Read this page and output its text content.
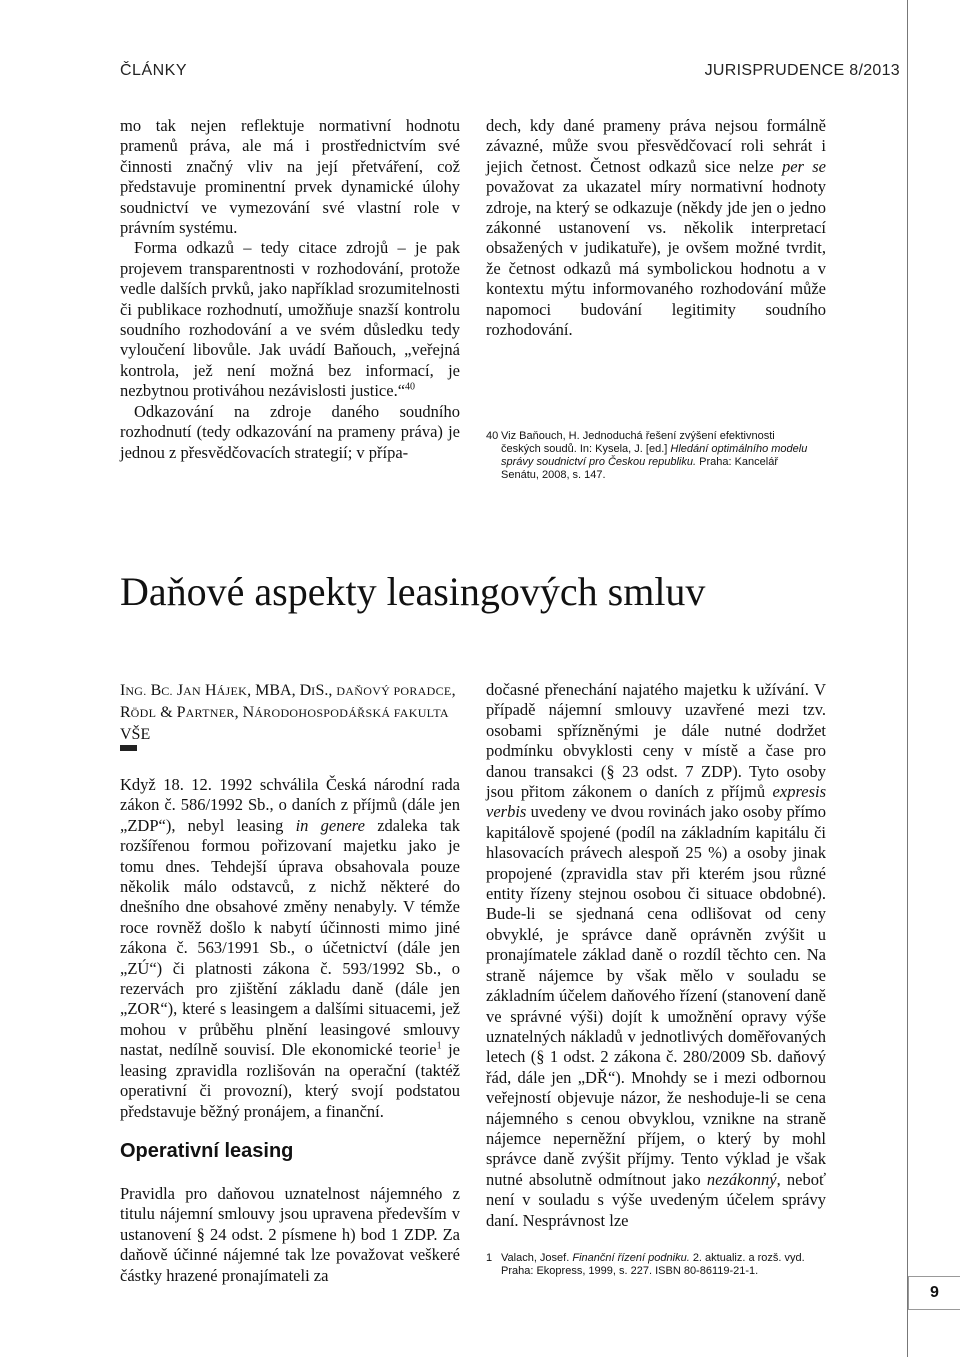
ČLÁNKY	JURISPRUDENCE 8/2013

mo tak nejen reflektuje normativní hodnotu pramenů práva, ale má i prostřednictvím své činnosti značný vliv na její přetváření, což představuje prominentní prvek dynamické úlohy soudnictví ve vymezování své vlastní role v právním systému.

Forma odkazů – tedy citace zdrojů – je pak projevem transparentnosti v rozhodování, protože vedle dalších prvků, jako například srozumitelnosti či publikace rozhodnutí, umožňuje snazší kontrolu soudního rozhodování a ve svém důsledku tedy vyloučení libovůle. Jak uvádí Baňouch, „veřejná kontrola, jež není možná bez informací, je nezbytnou protiváhou nezávislosti justice.“$^{40}$

Odkazování na zdroje daného soudního rozhodnutí (tedy odkazování na prameny práva) je jednou z přesvědčovacích strategií; v přípa-

dech, kdy dané prameny práva nejsou formálně závazné, může svou přesvědčovací roli sehrát i jejich četnost. Četnost odkazů sice nelze per se považovat za ukazatel míry normativní hodnoty zdroje, na který se odkazuje (někdy jde jen o jedno zákonné ustanovení vs. několik interpretací obsažených v judikatuře), je ovšem možné tvrdit, že četnost odkazů má symbolickou hodnotu a v kontextu mýtu informovaného rozhodování může napomoci budování legitimity soudního rozhodování.

40 Viz Baňouch, H. Jednoduchá řešení zvýšení efektivnosti českých soudů. In: Kysela, J. [ed.] Hledání optimálního modelu správy soudnictví pro Českou republiku. Praha: Kancelář Senátu, 2008, s. 147.
Daňové aspekty leasingových smluv
ING. BC. JAN HÁJEK, MBA, DIS., DAŇOVÝ PORADCE, RÖDL & PARTNER, NÁRODOHOSPODÁŘSKÁ FAKULTA VŠE

Když 18. 12. 1992 schválila Česká národní rada zákon č. 586/1992 Sb., o daních z příjmů (dále jen „ZDP“), nebyl leasing in genere zdaleka tak rozšířenou formou pořizovaní majetku jako je tomu dnes. Tehdejší úprava obsahovala pouze několik málo odstavců, z nichž některé do dnešního dne obsahové změny nenabyly. V témže roce rovněž došlo k nabytí účinnosti mimo jiné zákona č. 563/1991 Sb., o účetnictví (dále jen „ZÚ“) či platnosti zákona č. 593/1992 Sb., o rezervách pro zjištění základu daně (dále jen „ZOR“), které s leasingem a dalšími situacemi, jež mohou v průběhu plnění leasingové smlouvy nastat, nedílně souvisí. Dle ekonomické teorie$^1$ je leasing zpravidla rozlišován na operační (taktéž operativní či provozní), který svojí podstatou představuje běžný pronájem, a finanční.

Operativní leasing

Pravidla pro daňovou uznatelnost nájemného z titulu nájemní smlouvy jsou upravena především v ustanovení § 24 odst. 2 písmene h) bod 1 ZDP. Za daňově účinné nájemné tak lze považovat veškeré částky hrazené pronajímateli za

dočasné přenechání najatého majetku k užívání. V případě nájemní smlouvy uzavřené mezi tzv. osobami spřízněnými je dále nutné dodržet podmínku obvyklosti ceny v místě a čase pro danou transakci (§ 23 odst. 7 ZDP). Tyto osoby jsou přitom zákonem o daních z příjmů expresis verbis uvedeny ve dvou rovinách jako osoby přímo kapitálově spojené (podíl na základním kapitálu či hlasovacích právech alespoň 25 %) a osoby jinak propojené (zpravidla stav při kterém jsou různé entity řízeny stejnou osobou či situace obdobné). Bude-li se sjednaná cena odlišovat od ceny obvyklé, je správce daně oprávněn zvýšit u pronajímatele základ daně o rozdíl těchto cen. Na straně nájemce by však mělo v souladu se základním účelem daňového řízení (stanovení daně ve správné výši) dojít k umožnění opravy výše uznatelných nákladů v jednotlivých doměřovaných letech (§ 1 odst. 2 zákona č. 280/2009 Sb. daňový řád, dále jen „DŘ“). Mnohdy se i mezi odbornou veřejností objevuje názor, že neshoduje-li se cena nájemného s cenou obvyklou, vznikne na straně nájemce neperněžní příjem, o který by mohl správce daně zvýšit příjmy. Tento výklad je však nutné absolutně odmítnout jako nezákonný, neboť není v souladu s výše uvedeným účelem správy daní. Nesprávnost lze

1 Valach, Josef. Finanční řízení podniku. 2. aktualiz. a rozš. vyd. Praha: Ekopress, 1999, s. 227. ISBN 80-86119-21-1.
9
